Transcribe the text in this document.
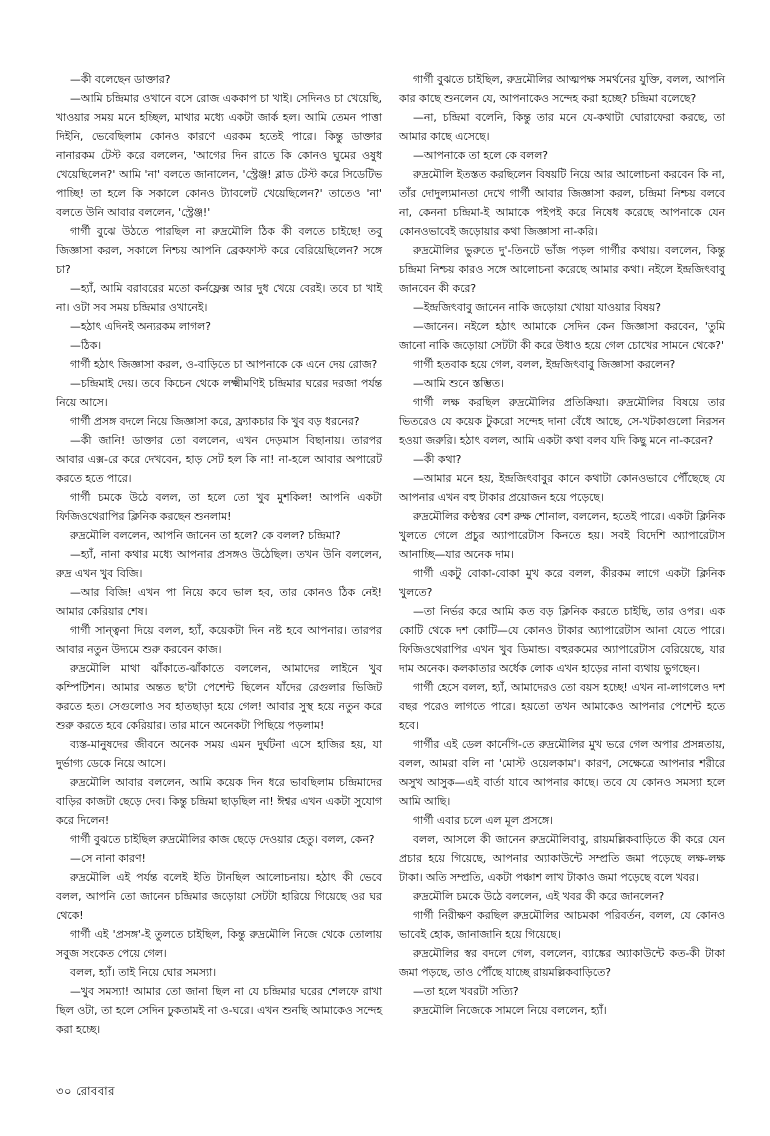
—কী বলেছেন ডাক্তার?

—আমি চন্দ্রিমার ওখানে বসে রোজ এককাপ চা খাই। সেদিনও চা খেয়েছি, খাওয়ার সময় মনে হচ্ছিল, মাথার মধ্যে একটা জার্ক হল। আমি তেমন পাত্তা দিইনি, ভেবেছিলাম কোনও কারণে এরকম হতেই পারে। কিন্তু ডাক্তার নানারকম টেস্ট করে বললেন, 'আগের দিন রাতে কি কোনও ঘুমের ওষুধ খেয়েছিলেন?' আমি 'না' বলতে জানালেন, 'স্ট্রেঞ্জ! ব্লাড টেস্ট করে সিডেটিভ পাচ্ছি! তা হলে কি সকালে কোনও ট্যাবলেট খেয়েছিলেন?' তাতেও 'না' বলতে উনি আবার বললেন, 'স্ট্রেঞ্জ!'

গার্গী বুঝে উঠতে পারছিল না রুদ্রমৌলি ঠিক কী বলতে চাইছে! তবু জিজ্ঞাসা করল, সকালে নিশ্চয় আপনি ব্রেকফাস্ট করে বেরিয়েছিলেন? সঙ্গে চা?

—হ্যাঁ, আমি বরাবরের মতো কর্নফ্লেক্স আর দুধ খেয়ে বেরই। তবে চা খাই না। ওটা সব সময় চন্দ্রিমার ওখানেই।

—হঠাৎ এদিনই অন্যরকম লাগল?

—ঠিক।

গার্গী হঠাৎ জিজ্ঞাসা করল, ও-বাড়িতে চা আপনাকে কে এনে দেয় রোজ?

—চন্দ্রিমাই দেয়। তবে কিচেন থেকে লক্ষ্মীমণিই চন্দ্রিমার ঘরের দরজা পর্যন্ত নিয়ে আসে।

গার্গী প্রসঙ্গ বদলে নিয়ে জিজ্ঞাসা করে, ফ্র্যাকচার কি খুব বড় ধরনের?

—কী জানি! ডাক্তার তো বললেন, এখন দেড়মাস বিছানায়। তারপর আবার এক্স-রে করে দেখবেন, হাড় সেট হল কি না! না-হলে আবার অপারেট করতে হতে পারে।

গার্গী চমকে উঠে বলল, তা হলে তো খুব মুশকিল! আপনি একটা ফিজিওথেরাপির ক্লিনিক করছেন শুনলাম!

রুদ্রমৌলি বললেন, আপনি জানেন তা হলে? কে বলল? চন্দ্রিমা?

—হ্যাঁ, নানা কথার মধ্যে আপনার প্রসঙ্গও উঠেছিল। তখন উনি বললেন, রুদ্র এখন খুব বিজি।

—আর বিজি! এখন পা নিয়ে কবে ভাল হব, তার কোনও ঠিক নেই! আমার কেরিয়ার শেষ।

গার্গী সান্ত্বনা দিয়ে বলল, হ্যাঁ, কয়েকটা দিন নষ্ট হবে আপনার। তারপর আবার নতুন উদ্যমে শুরু করবেন কাজ।

রুদ্রমৌলি মাথা ঝাঁকাতে-ঝাঁকাতে বললেন, আমাদের লাইনে খুব কম্পিটিশন। আমার অন্তত ছ'টা পেশেন্ট ছিলেন যাঁদের রেগুলার ভিজিট করতে হত। সেগুলোও সব হাতছাড়া হয়ে গেল! আবার সুস্থ হয়ে নতুন করে শুরু করতে হবে কেরিয়ার। তার মানে অনেকটা পিছিয়ে পড়লাম!

ব্যস্ত-মানুষদের জীবনে অনেক সময় এমন দুর্ঘটনা এসে হাজির হয়, যা দুর্ভাগ্য ডেকে নিয়ে আসে।

রুদ্রমৌলি আবার বললেন, আমি কয়েক দিন ধরে ভাবছিলাম চন্দ্রিমাদের বাড়ির কাজটা ছেড়ে দেব। কিন্তু চন্দ্রিমা ছাড়ছিল না! ঈশ্বর এখন একটা সুযোগ করে দিলেন!

গার্গী বুঝতে চাইছিল রুদ্রমৌলির কাজ ছেড়ে দেওয়ার হেতু। বলল, কেন?

—সে নানা কারণ!

রুদ্রমৌলি এই পর্যন্ত বলেই ইতি টানছিল আলোচনায়। হঠাৎ কী ভেবে বলল, আপনি তো জানেন চন্দ্রিমার জড়োয়া সেটটা হারিয়ে গিয়েছে ওর ঘর থেকে!

গার্গী এই 'প্রসঙ্গ'-ই তুলতে চাইছিল, কিন্তু রুদ্রমৌলি নিজে থেকে তোলায় সবুজ সংকেত পেয়ে গেল।

বলল, হ্যাঁ। তাই নিয়ে ঘোর সমস্যা।

—খুব সমস্যা! আমার তো জানা ছিল না যে চন্দ্রিমার ঘরের শেলফে রাখা ছিল ওটা, তা হলে সেদিন ঢুকতামই না ও-ঘরে। এখন শুনছি আমাকেও সন্দেহ করা হচ্ছে।

গার্গী বুঝতে চাইছিল, রুদ্রমৌলির আত্মপক্ষ সমর্থনের যুক্তি, বলল, আপনি কার কাছে শুনলেন যে, আপনাকেও সন্দেহ করা হচ্ছে? চন্দ্রিমা বলেছে?

—না, চন্দ্রিমা বলেনি, কিন্তু তার মনে যে-কথাটা ঘোরাফেরা করছে, তা আমার কাছে এসেছে।

—আপনাকে তা হলে কে বলল?

রুদ্রমৌলি ইতস্তত করছিলেন বিষয়টি নিয়ে আর আলোচনা করবেন কি না, তাঁর দোদুল্যমানতা দেখে গার্গী আবার জিজ্ঞাসা করল, চন্দ্রিমা নিশ্চয় বলবে না, কেননা চন্দ্রিমা-ই আমাকে পইপই করে নিষেধ করেছে আপনাকে যেন কোনওভাবেই জড়োয়ার কথা জিজ্ঞাসা না-করি।

রুদ্রমৌলির ভুরুতে দু'-তিনটে ভাঁজ পড়ল গার্গীর কথায়। বললেন, কিন্তু চন্দ্রিমা নিশ্চয় কারও সঙ্গে আলোচনা করেছে আমার কথা। নইলে ইন্দ্রজিৎবাবু জানবেন কী করে?

—ইন্দ্রজিৎবাবু জানেন নাকি জড়োয়া খোয়া যাওয়ার বিষয়?

—জানেন। নইলে হঠাৎ আমাকে সেদিন কেন জিজ্ঞাসা করবেন, 'তুমি জানো নাকি জড়োয়া সেটটা কী করে উধাও হয়ে গেল চোখের সামনে থেকে?'

গার্গী হতবাক হয়ে গেল, বলল, ইন্দ্রজিৎবাবু জিজ্ঞাসা করলেন?

—আমি শুনে স্তম্ভিত।

গার্গী লক্ষ করছিল রুদ্রমৌলির প্রতিক্রিয়া। রুদ্রমৌলির বিষয়ে তার ভিতরেও যে কয়েক টুকরো সন্দেহ দানা বেঁধে আছে, সে-খটকাগুলো নিরসন হওয়া জরুরি। হঠাৎ বলল, আমি একটা কথা বলব যদি কিছু মনে না-করেন?

—কী কথা?

—আমার মনে হয়, ইন্দ্রজিৎবাবুর কানে কথাটা কোনওভাবে পৌঁছেছে যে আপনার এখন বহু টাকার প্রয়োজন হয়ে পড়েছে।

রুদ্রমৌলির কণ্ঠস্বর বেশ রুক্ষ শোনাল, বললেন, হতেই পারে। একটা ক্লিনিক খুলতে গেলে প্রচুর অ্যাপারেটাস কিনতে হয়। সবই বিদেশি অ্যাপারেটাস আনাচ্ছি—যার অনেক দাম।

গার্গী একটু বোকা-বোকা মুখ করে বলল, কীরকম লাগে একটা ক্লিনিক খুলতে?

—তা নির্ভর করে আমি কত বড় ক্লিনিক করতে চাইছি, তার ওপর। এক কোটি থেকে দশ কোটি—যে কোনও টাকার অ্যাপারেটাস আনা যেতে পারে। ফিজিওথেরাপির এখন খুব ডিমান্ড। বহুরকমের অ্যাপারেটাস বেরিয়েছে, যার দাম অনেক। কলকাতার অর্ধেক লোক এখন হাড়ের নানা ব্যথায় ভুগছেন।

গার্গী হেসে বলল, হ্যাঁ, আমাদেরও তো বয়স হচ্ছে! এখন না-লাগলেও দশ বছর পরেও লাগতে পারে। হয়তো তখন আমাকেও আপনার পেশেন্ট হতে হবে।

গার্গীর এই ডেল কার্নেগি-তে রুদ্রমৌলির মুখ ভরে গেল অপার প্রসন্নতায়, বলল, আমরা বলি না 'মোস্ট ওয়েলকাম'। কারণ, সেক্ষেত্রে আপনার শরীরে অসুখ আসুক—এই বার্তা যাবে আপনার কাছে। তবে যে কোনও সমস্যা হলে আমি আছি।

গার্গী এবার চলে এল মূল প্রসঙ্গে।

বলল, আসলে কী জানেন রুদ্রমৌলিবাবু, রায়মল্লিকবাড়িতে কী করে যেন প্রচার হয়ে গিয়েছে, আপনার অ্যাকাউন্টে সম্প্রতি জমা পড়েছে লক্ষ-লক্ষ টাকা। অতি সম্প্রতি, একটা পঞ্চাশ লাখ টাকাও জমা পড়েছে বলে খবর।

রুদ্রমৌলি চমকে উঠে বললেন, এই খবর কী করে জানলেন?

গার্গী নিরীক্ষণ করছিল রুদ্রমৌলির আচমকা পরিবর্তন, বলল, যে কোনও ভাবেই হোক, জানাজানি হয়ে গিয়েছে।

রুদ্রমৌলির স্বর বদলে গেল, বললেন, ব্যাঙ্কের অ্যাকাউন্টে কত-কী টাকা জমা পড়ছে, তাও পৌঁছে যাচ্ছে রায়মল্লিকবাড়িতে?

—তা হলে খবরটা সত্যি?

রুদ্রমৌলি নিজেকে সামলে নিয়ে বললেন, হ্যাঁ।

৩০ রোববার
